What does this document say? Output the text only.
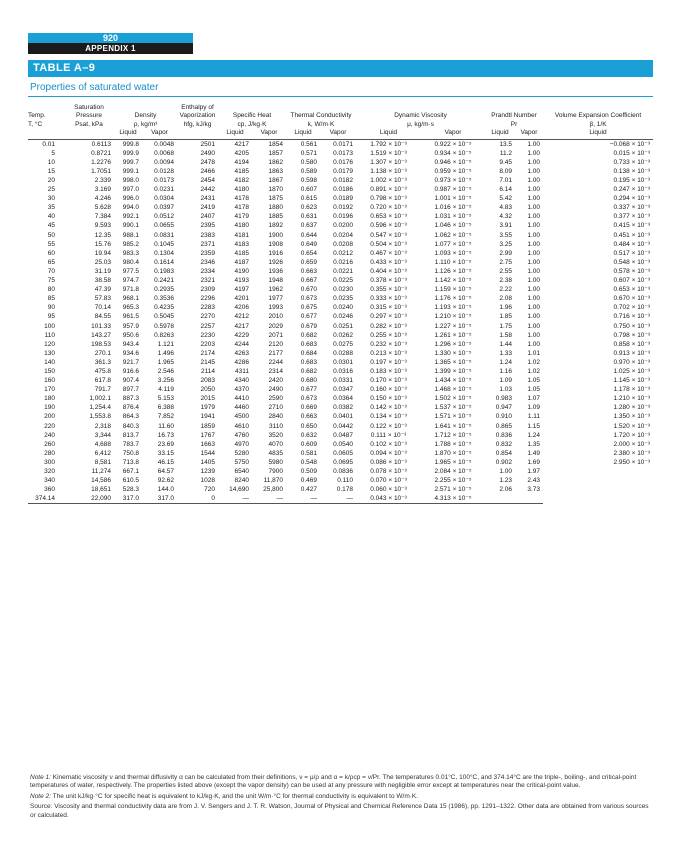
920
APPENDIX 1
TABLE A–9
Properties of saturated water
Temp.	Saturation Pressure	Density		Enthalpy of Vaporization	Specific Heat		Thermal Conductivity		Dynamic Viscosity		Prandtl Number		Volume Expansion Coefficient
T, °C	Psat, kPa	ρ, kg/m³		hfg, kJ/kg	cp, J/kg·K		k, W/m·K		μ, kg/m·s		Pr		β, 1/K
		Liquid	Vapor		Liquid	Vapor	Liquid	Vapor	Liquid	Vapor	Liquid	Vapor	Liquid
0.01	0.6113	999.8	0.0048	2501	4217	1854	0.561	0.0171	1.792 × 10⁻³	0.922 × 10⁻⁵	13.5	1.00	−0.068 × 10⁻³
5	0.8721	999.9	0.0068	2490	4205	1857	0.571	0.0173	1.519 × 10⁻³	0.934 × 10⁻⁵	11.2	1.00	0.015 × 10⁻³
10	1.2276	999.7	0.0094	2478	4194	1862	0.580	0.0176	1.307 × 10⁻³	0.946 × 10⁻⁵	9.45	1.00	0.733 × 10⁻³
15	1.7051	999.1	0.0128	2466	4185	1863	0.589	0.0179	1.138 × 10⁻³	0.959 × 10⁻⁵	8.09	1.00	0.138 × 10⁻³
20	2.339	998.0	0.0173	2454	4182	1867	0.598	0.0182	1.002 × 10⁻³	0.973 × 10⁻⁵	7.01	1.00	0.195 × 10⁻³
25	3.169	997.0	0.0231	2442	4180	1870	0.607	0.0186	0.891 × 10⁻³	0.987 × 10⁻⁵	6.14	1.00	0.247 × 10⁻³
30	4.246	996.0	0.0304	2431	4178	1875	0.615	0.0189	0.798 × 10⁻³	1.001 × 10⁻⁵	5.42	1.00	0.294 × 10⁻³
35	5.628	994.0	0.0397	2419	4178	1880	0.623	0.0192	0.720 × 10⁻³	1.016 × 10⁻⁵	4.83	1.00	0.337 × 10⁻³
40	7.384	992.1	0.0512	2407	4179	1885	0.631	0.0196	0.653 × 10⁻³	1.031 × 10⁻⁵	4.32	1.00	0.377 × 10⁻³
45	9.593	990.1	0.0655	2395	4180	1892	0.637	0.0200	0.596 × 10⁻³	1.046 × 10⁻⁵	3.91	1.00	0.415 × 10⁻³
50	12.35	988.1	0.0831	2383	4181	1900	0.644	0.0204	0.547 × 10⁻³	1.062 × 10⁻⁵	3.55	1.00	0.451 × 10⁻³
55	15.76	985.2	0.1045	2371	4183	1908	0.649	0.0208	0.504 × 10⁻³	1.077 × 10⁻⁵	3.25	1.00	0.484 × 10⁻³
60	19.94	983.3	0.1304	2359	4185	1916	0.654	0.0212	0.467 × 10⁻³	1.093 × 10⁻⁵	2.99	1.00	0.517 × 10⁻³
65	25.03	980.4	0.1614	2346	4187	1926	0.659	0.0216	0.433 × 10⁻³	1.110 × 10⁻⁵	2.75	1.00	0.548 × 10⁻³
70	31.19	977.5	0.1983	2334	4190	1936	0.663	0.0221	0.404 × 10⁻³	1.126 × 10⁻⁵	2.55	1.00	0.578 × 10⁻³
75	38.58	974.7	0.2421	2321	4193	1948	0.667	0.0225	0.378 × 10⁻³	1.142 × 10⁻⁵	2.38	1.00	0.607 × 10⁻³
80	47.39	971.8	0.2935	2309	4197	1962	0.670	0.0230	0.355 × 10⁻³	1.159 × 10⁻⁵	2.22	1.00	0.653 × 10⁻³
85	57.83	968.1	0.3536	2296	4201	1977	0.673	0.0235	0.333 × 10⁻³	1.176 × 10⁻⁵	2.08	1.00	0.670 × 10⁻³
90	70.14	965.3	0.4235	2283	4206	1993	0.675	0.0240	0.315 × 10⁻³	1.193 × 10⁻⁵	1.96	1.00	0.702 × 10⁻³
95	84.55	961.5	0.5045	2270	4212	2010	0.677	0.0246	0.297 × 10⁻³	1.210 × 10⁻⁵	1.85	1.00	0.716 × 10⁻³
100	101.33	957.9	0.5978	2257	4217	2029	0.679	0.0251	0.282 × 10⁻³	1.227 × 10⁻⁵	1.75	1.00	0.750 × 10⁻³
110	143.27	950.6	0.8263	2230	4229	2071	0.682	0.0262	0.255 × 10⁻³	1.261 × 10⁻⁵	1.58	1.00	0.798 × 10⁻³
120	198.53	943.4	1.121	2203	4244	2120	0.683	0.0275	0.232 × 10⁻³	1.296 × 10⁻⁵	1.44	1.00	0.858 × 10⁻³
130	270.1	934.6	1.496	2174	4263	2177	0.684	0.0288	0.213 × 10⁻³	1.330 × 10⁻⁵	1.33	1.01	0.913 × 10⁻³
140	361.3	921.7	1.965	2145	4286	2244	0.683	0.0301	0.197 × 10⁻³	1.365 × 10⁻⁵	1.24	1.02	0.970 × 10⁻³
150	475.8	916.6	2.546	2114	4311	2314	0.682	0.0316	0.183 × 10⁻³	1.399 × 10⁻⁵	1.16	1.02	1.025 × 10⁻³
160	617.8	907.4	3.256	2083	4340	2420	0.680	0.0331	0.170 × 10⁻³	1.434 × 10⁻⁵	1.09	1.05	1.145 × 10⁻³
170	791.7	897.7	4.119	2050	4370	2490	0.677	0.0347	0.160 × 10⁻³	1.468 × 10⁻⁵	1.03	1.05	1.178 × 10⁻³
180	1,002.1	887.3	5.153	2015	4410	2590	0.673	0.0364	0.150 × 10⁻³	1.502 × 10⁻⁵	0.983	1.07	1.210 × 10⁻³
190	1,254.4	876.4	6.388	1979	4460	2710	0.669	0.0382	0.142 × 10⁻³	1.537 × 10⁻⁵	0.947	1.09	1.280 × 10⁻³
200	1,553.8	864.3	7.852	1941	4500	2840	0.663	0.0401	0.134 × 10⁻³	1.571 × 10⁻⁵	0.910	1.11	1.350 × 10⁻³
220	2,318	840.3	11.60	1859	4610	3110	0.650	0.0442	0.122 × 10⁻³	1.641 × 10⁻⁵	0.865	1.15	1.520 × 10⁻³
240	3,344	813.7	16.73	1767	4760	3520	0.632	0.0487	0.111 × 10⁻³	1.712 × 10⁻⁵	0.836	1.24	1.720 × 10⁻³
260	4,688	783.7	23.69	1663	4970	4070	0.609	0.0540	0.102 × 10⁻³	1.788 × 10⁻⁵	0.832	1.35	2.000 × 10⁻³
280	6,412	750.8	33.15	1544	5280	4835	0.581	0.0605	0.094 × 10⁻³	1.870 × 10⁻⁵	0.854	1.49	2.380 × 10⁻³
300	8,581	713.8	46.15	1405	5750	5980	0.548	0.0695	0.086 × 10⁻³	1.965 × 10⁻⁵	0.902	1.69	2.950 × 10⁻³
320	11,274	667.1	64.57	1239	6540	7900	0.509	0.0836	0.078 × 10⁻³	2.084 × 10⁻⁵	1.00	1.97	
340	14,586	610.5	92.62	1028	8240	11,870	0.469	0.110	0.070 × 10⁻³	2.255 × 10⁻⁵	1.23	2.43	
360	18,651	528.3	144.0	720	14,690	25,800	0.427	0.178	0.060 × 10⁻³	2.571 × 10⁻⁵	2.06	3.73	
374.14	22,090	317.0	317.0	0	—	—	—	—	0.043 × 10⁻³	4.313 × 10⁻⁵			

Note 1: Kinematic viscosity ν and thermal diffusivity α can be calculated from their definitions, ν = μ/ρ and α = k/ρcp = ν/Pr. The temperatures 0.01°C, 100°C, and 374.14°C are the triple-, boiling-, and critical-point temperatures of water, respectively. The properties listed above (except the vapor density) can be used at any pressure with negligible error except at temperatures near the critical-point value.

Note 2: The unit kJ/kg·°C for specific heat is equivalent to kJ/kg·K, and the unit W/m·°C for thermal conductivity is equivalent to W/m·K.

Source: Viscosity and thermal conductivity data are from J. V. Sengers and J. T. R. Watson, Journal of Physical and Chemical Reference Data 15 (1986), pp. 1291–1322. Other data are obtained from various sources or calculated.
